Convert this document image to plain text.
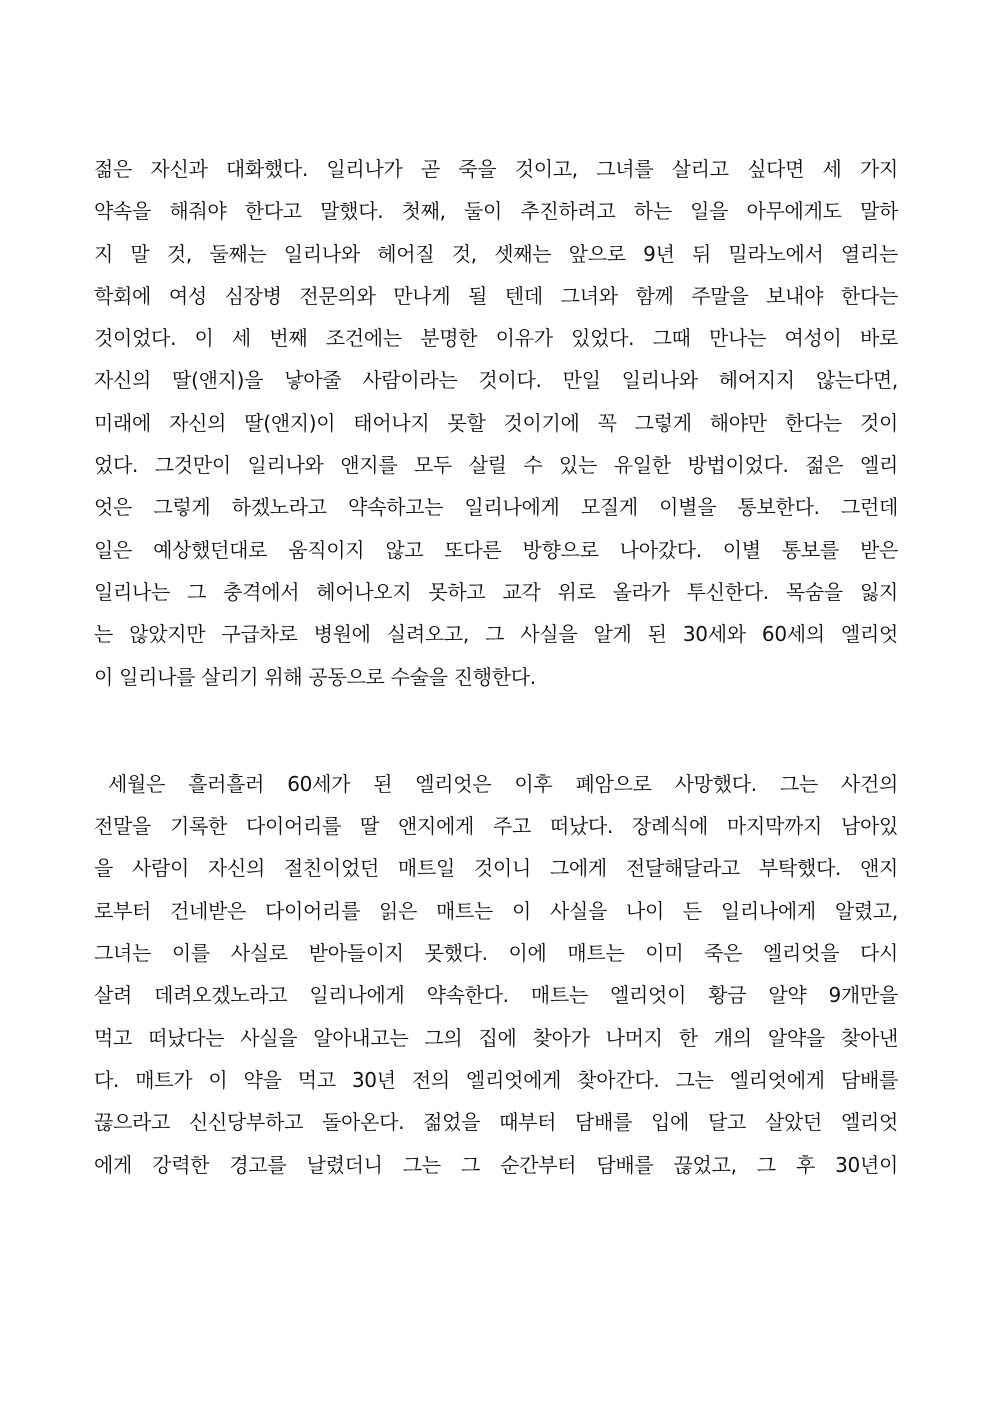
젊은 자신과 대화했다. 일리나가 곧 죽을 것이고, 그녀를 살리고 싶다면 세 가지
약속을 해줘야 한다고 말했다. 첫째, 둘이 추진하려고 하는 일을 아무에게도 말하
지 말 것, 둘째는 일리나와 헤어질 것, 셋째는 앞으로 9년 뒤 밀라노에서 열리는
학회에 여성 심장병 전문의와 만나게 될 텐데 그녀와 함께 주말을 보내야 한다는
것이었다. 이 세 번째 조건에는 분명한 이유가 있었다. 그때 만나는 여성이 바로
자신의 딸(앤지)을 낳아줄 사람이라는 것이다. 만일 일리나와 헤어지지 않는다면,
미래에 자신의 딸(앤지)이 태어나지 못할 것이기에 꼭 그렇게 해야만 한다는 것이
었다. 그것만이 일리나와 앤지를 모두 살릴 수 있는 유일한 방법이었다. 젊은 엘리
엇은 그렇게 하겠노라고 약속하고는 일리나에게 모질게 이별을 통보한다. 그런데
일은 예상했던대로 움직이지 않고 또다른 방향으로 나아갔다. 이별 통보를 받은
일리나는 그 충격에서 헤어나오지 못하고 교각 위로 올라가 투신한다. 목숨을 잃지
는 않았지만 구급차로 병원에 실려오고, 그 사실을 알게 된 30세와 60세의 엘리엇
이 일리나를 살리기 위해 공동으로 수술을 진행한다.
세월은 흘러흘러 60세가 된 엘리엇은 이후 폐암으로 사망했다. 그는 사건의
전말을 기록한 다이어리를 딸 앤지에게 주고 떠났다. 장례식에 마지막까지 남아있
을 사람이 자신의 절친이었던 매트일 것이니 그에게 전달해달라고 부탁했다. 앤지
로부터 건네받은 다이어리를 읽은 매트는 이 사실을 나이 든 일리나에게 알렸고,
그녀는 이를 사실로 받아들이지 못했다. 이에 매트는 이미 죽은 엘리엇을 다시
살려 데려오겠노라고 일리나에게 약속한다. 매트는 엘리엇이 황금 알약 9개만을
먹고 떠났다는 사실을 알아내고는 그의 집에 찾아가 나머지 한 개의 알약을 찾아낸
다. 매트가 이 약을 먹고 30년 전의 엘리엇에게 찾아간다. 그는 엘리엇에게 담배를
끊으라고 신신당부하고 돌아온다. 젊었을 때부터 담배를 입에 달고 살았던 엘리엇
에게 강력한 경고를 날렸더니 그는 그 순간부터 담배를 끊었고, 그 후 30년이
